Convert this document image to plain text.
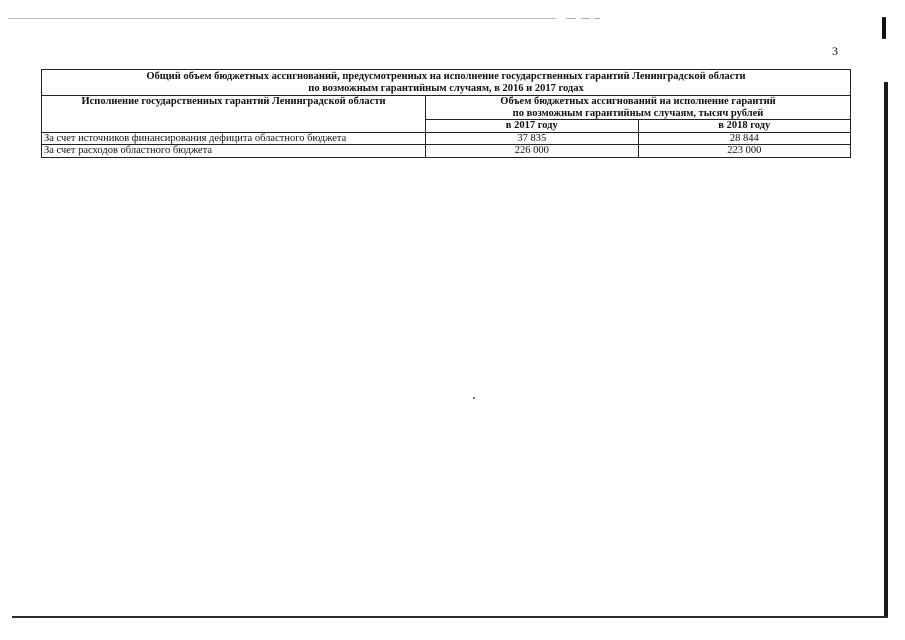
3
Общий объем бюджетных ассигнований, предусмотренных на исполнение государственных гарантий Ленинградской области
по возможным гарантийным случаям, в 2016 и 2017 годах		

Исполнение государственных гарантий Ленинградской области	Объем бюджетных ассигнований на исполнение гарантий
по возможным гарантийным случаям, тысяч рублей	

	в 2017 году	в 2018 году
За счет источников финансирования дефицита областного бюджета	37 835	28 844
За счет расходов областного бюджета	226 000	223 000
